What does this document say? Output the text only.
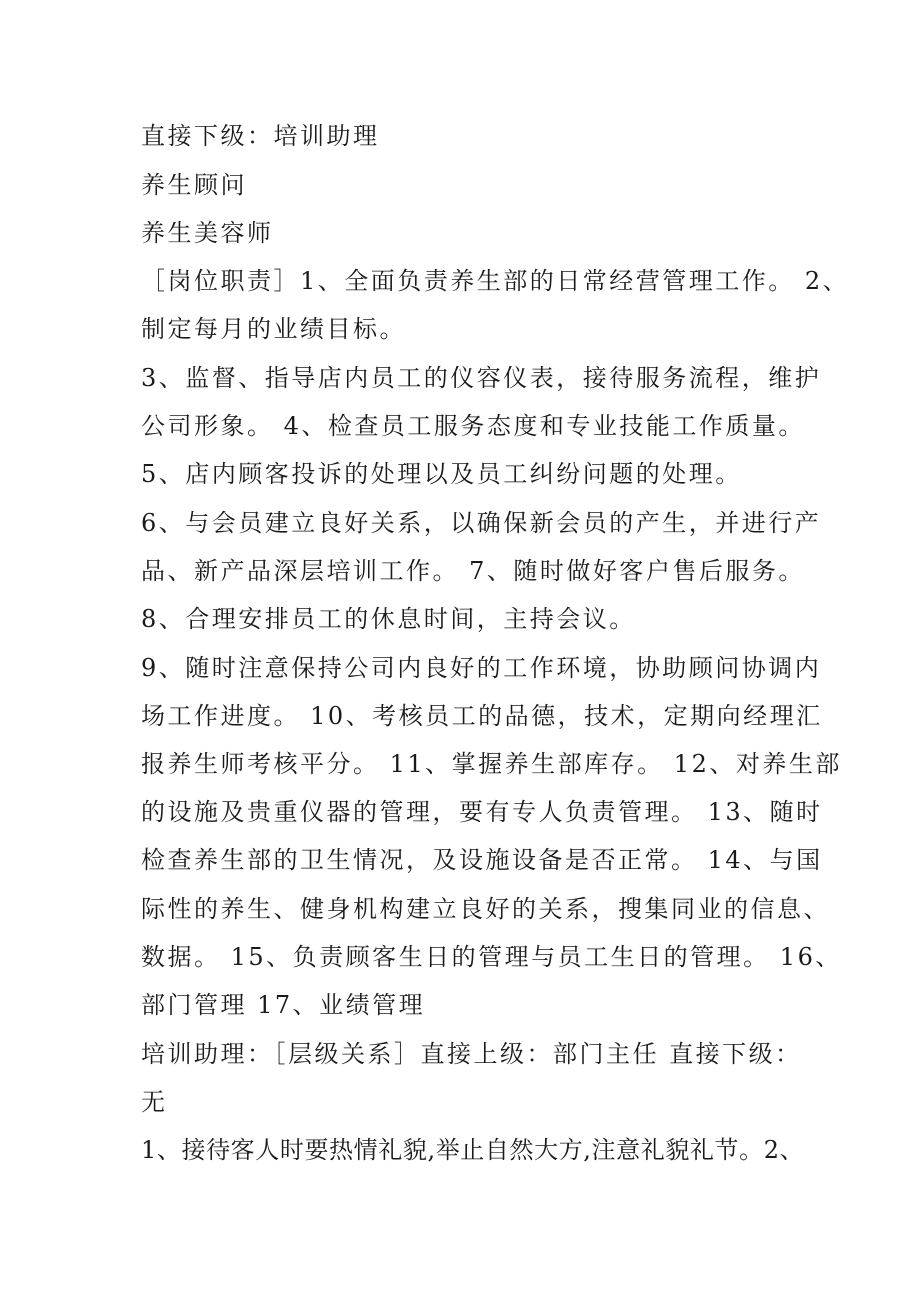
直接下级：培训助理
养生顾问
养生美容师
［岗位职责］1、全面负责养生部的日常经营管理工作。 2、
制定每月的业绩目标。
3、监督、指导店内员工的仪容仪表，接待服务流程，维护
公司形象。 4、检查员工服务态度和专业技能工作质量。
5、店内顾客投诉的处理以及员工纠纷问题的处理。
6、与会员建立良好关系，以确保新会员的产生，并进行产
品、新产品深层培训工作。 7、随时做好客户售后服务。
8、合理安排员工的休息时间，主持会议。
9、随时注意保持公司内良好的工作环境，协助顾问协调内
场工作进度。 10、考核员工的品德，技术，定期向经理汇
报养生师考核平分。 11、掌握养生部库存。 12、对养生部
的设施及贵重仪器的管理，要有专人负责管理。 13、随时
检查养生部的卫生情况，及设施设备是否正常。 14、与国
际性的养生、健身机构建立良好的关系，搜集同业的信息、
数据。 15、负责顾客生日的管理与员工生日的管理。 16、
部门管理 17、业绩管理
培训助理：［层级关系］直接上级：部门主任 直接下级：
无
1、接待客人时要热情礼貌,举止自然大方,注意礼貌礼节。2、
